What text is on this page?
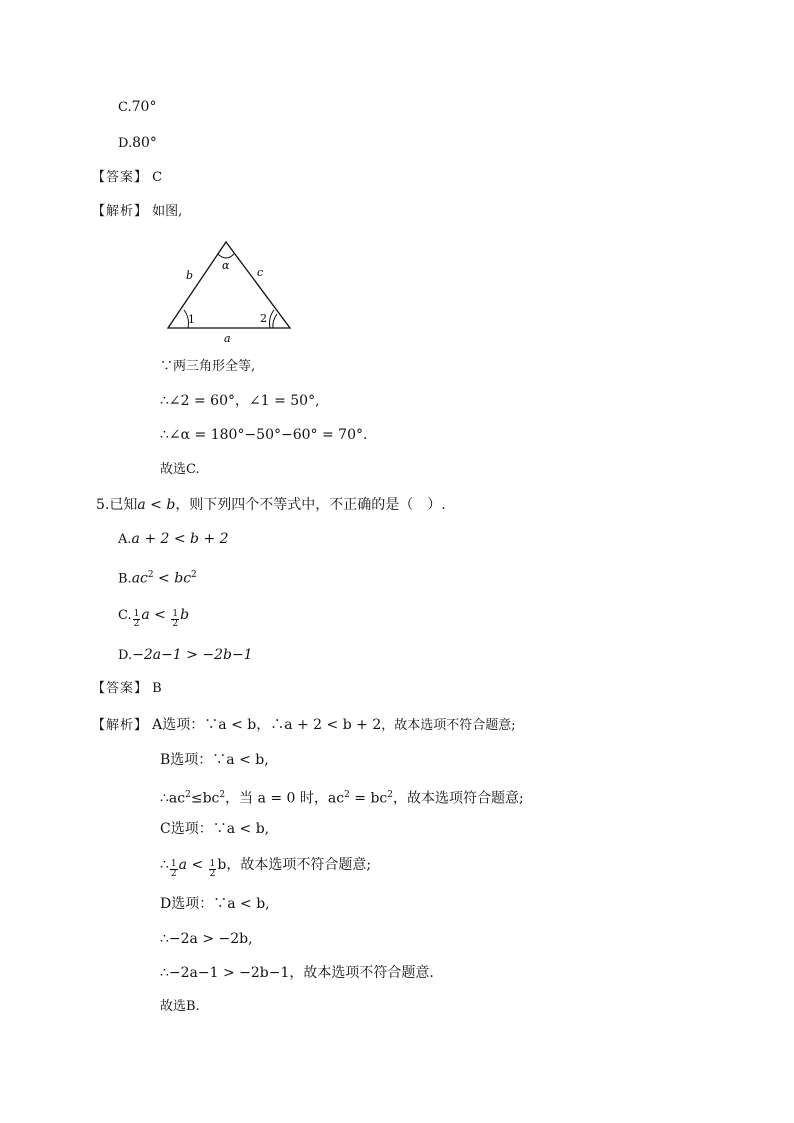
C.70°
D.80°
【答案】 C
【解析】 如图,
b	c
α
1	2
a
∵两三角形全等,
∴∠2 = 60°，∠1 = 50°,
∴∠α = 180°−50°−60° = 70°.
故选C.
5.已知a < b，则下列四个不等式中，不正确的是（　）.
A.a + 2 < b + 2
$B.ac^2 < bc^2$
C. $\frac{1}{2}$ $a < \frac{1}{2}$ b
D.−2a−1 > −2b−1
【答案】 B
【解析】 A选项：∵a < b，∴a + 2 < b + 2，故本选项不符合题意;
B选项：∵a < b,
$\therefore ac^2\le bc^2$，当 a = 0 时，$ac^2 = bc^2$，故本选项符合题意;
C选项：∵a < b,
∴ $\frac{1}{2}$ $a < \frac{1}{2}$ b，故本选项不符合题意;
D选项：∵a < b,
∴−2a > −2b,
∴−2a−1 > −2b−1，故本选项不符合题意.
故选B.
